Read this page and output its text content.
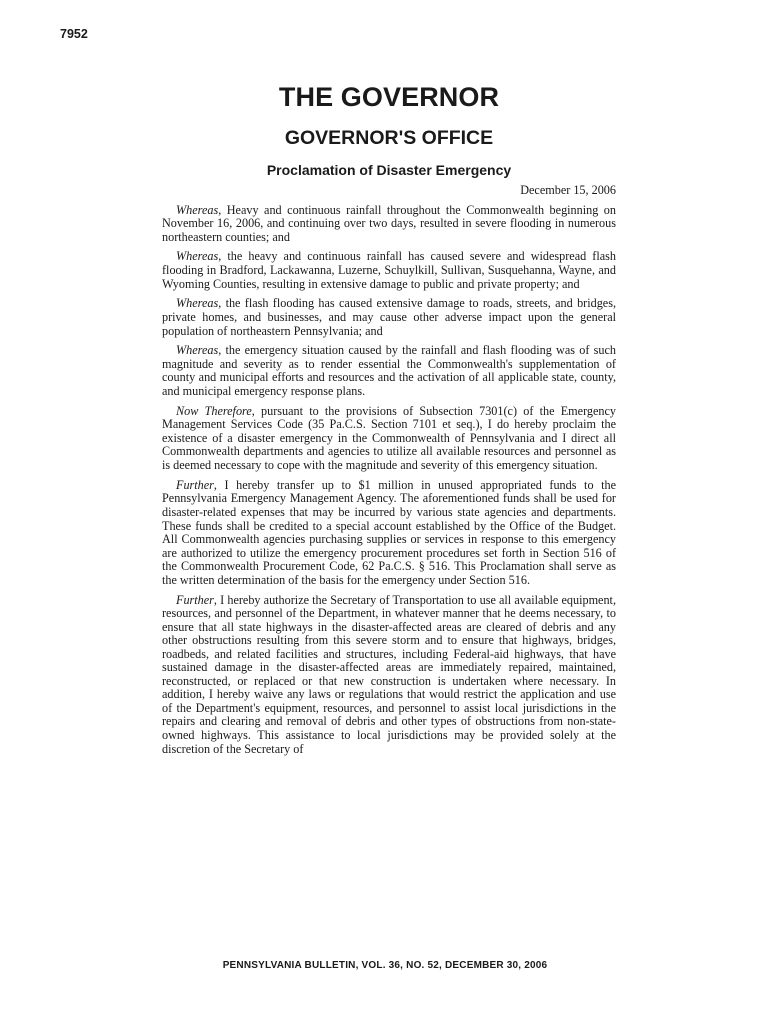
7952
THE GOVERNOR
GOVERNOR'S OFFICE
Proclamation of Disaster Emergency

December 15, 2006

Whereas, Heavy and continuous rainfall throughout the Commonwealth beginning on November 16, 2006, and continuing over two days, resulted in severe flooding in numerous northeastern counties; and

Whereas, the heavy and continuous rainfall has caused severe and widespread flash flooding in Bradford, Lackawanna, Luzerne, Schuylkill, Sullivan, Susquehanna, Wayne, and Wyoming Counties, resulting in extensive damage to public and private property; and

Whereas, the flash flooding has caused extensive damage to roads, streets, and bridges, private homes, and businesses, and may cause other adverse impact upon the general population of northeastern Pennsylvania; and

Whereas, the emergency situation caused by the rainfall and flash flooding was of such magnitude and severity as to render essential the Commonwealth's supplementation of county and municipal efforts and resources and the activation of all applicable state, county, and municipal emergency response plans.

Now Therefore, pursuant to the provisions of Subsection 7301(c) of the Emergency Management Services Code (35 Pa.C.S. Section 7101 et seq.), I do hereby proclaim the existence of a disaster emergency in the Commonwealth of Pennsylvania and I direct all Commonwealth departments and agencies to utilize all available resources and personnel as is deemed necessary to cope with the magnitude and severity of this emergency situation.

Further, I hereby transfer up to $1 million in unused appropriated funds to the Pennsylvania Emergency Management Agency. The aforementioned funds shall be used for disaster-related expenses that may be incurred by various state agencies and departments. These funds shall be credited to a special account established by the Office of the Budget. All Commonwealth agencies purchasing supplies or services in response to this emergency are authorized to utilize the emergency procurement procedures set forth in Section 516 of the Commonwealth Procurement Code, 62 Pa.C.S. § 516. This Proclamation shall serve as the written determination of the basis for the emergency under Section 516.

Further, I hereby authorize the Secretary of Transportation to use all available equipment, resources, and personnel of the Department, in whatever manner that he deems necessary, to ensure that all state highways in the disaster-affected areas are cleared of debris and any other obstructions resulting from this severe storm and to ensure that highways, bridges, roadbeds, and related facilities and structures, including Federal-aid highways, that have sustained damage in the disaster-affected areas are immediately repaired, maintained, reconstructed, or replaced or that new construction is undertaken where necessary. In addition, I hereby waive any laws or regulations that would restrict the application and use of the Department's equipment, resources, and personnel to assist local jurisdictions in the repairs and clearing and removal of debris and other types of obstructions from non-state-owned highways. This assistance to local jurisdictions may be provided solely at the discretion of the Secretary of

PENNSYLVANIA BULLETIN, VOL. 36, NO. 52, DECEMBER 30, 2006
